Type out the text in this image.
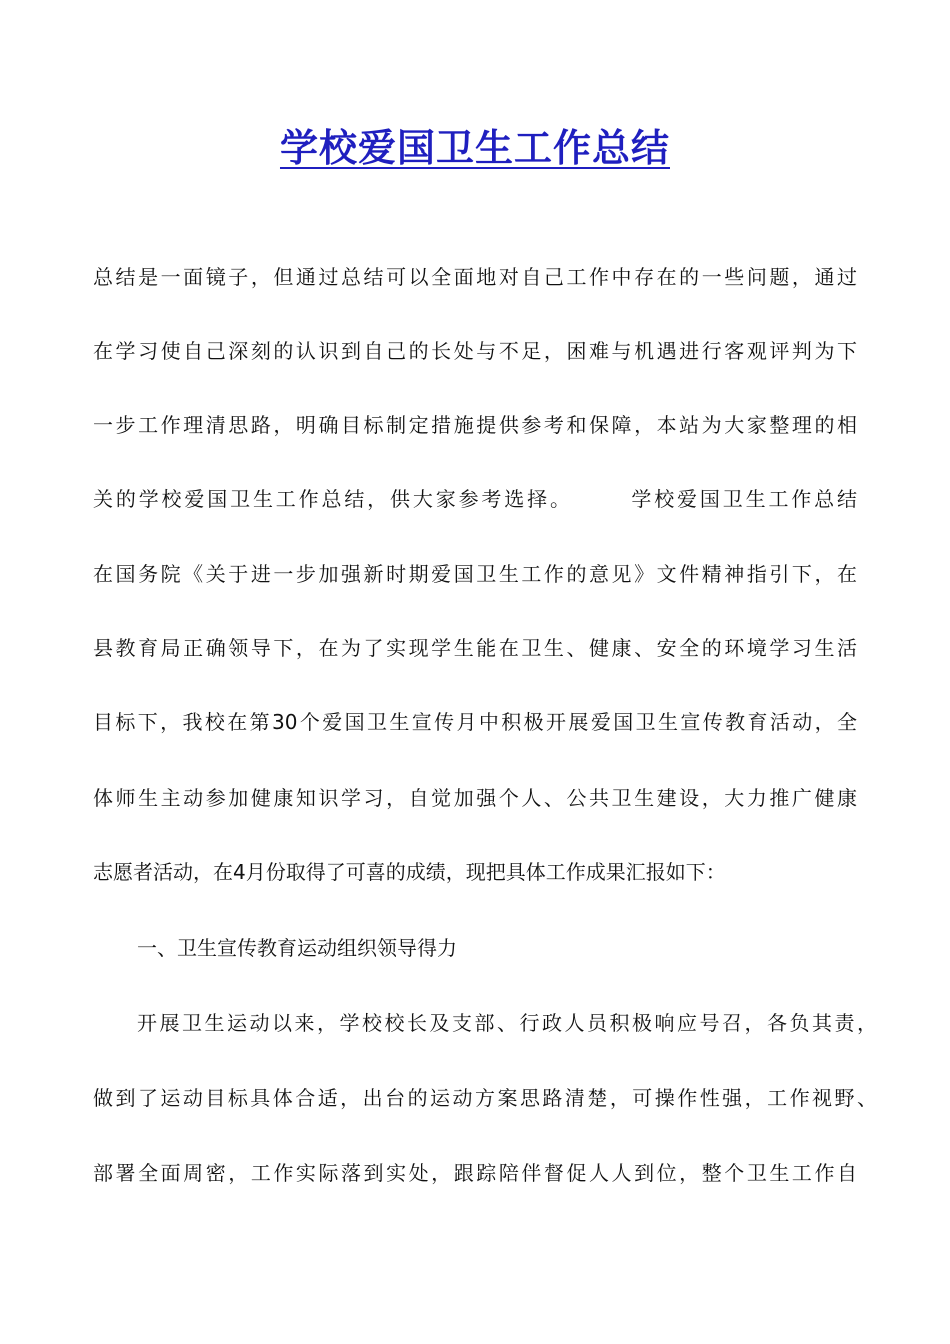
学校爱国卫生工作总结
总结是一面镜子，但通过总结可以全面地对自己工作中存在的一些问题，通过
在学习使自己深刻的认识到自己的长处与不足，困难与机遇进行客观评判为下
一步工作理清思路，明确目标制定措施提供参考和保障，本站为大家整理的相
关的学校爱国卫生工作总结，供大家参考选择。　　　学校爱国卫生工作总结
在国务院《关于进一步加强新时期爱国卫生工作的意见》文件精神指引下，在
县教育局正确领导下，在为了实现学生能在卫生、健康、安全的环境学习生活
目标下，我校在第30个爱国卫生宣传月中积极开展爱国卫生宣传教育活动，全
体师生主动参加健康知识学习，自觉加强个人、公共卫生建设，大力推广健康
志愿者活动，在4月份取得了可喜的成绩，现把具体工作成果汇报如下：
一、卫生宣传教育运动组织领导得力
开展卫生运动以来，学校校长及支部、行政人员积极响应号召，各负其责，
做到了运动目标具体合适，出台的运动方案思路清楚，可操作性强，工作视野、
部署全面周密，工作实际落到实处，跟踪陪伴督促人人到位，整个卫生工作自
